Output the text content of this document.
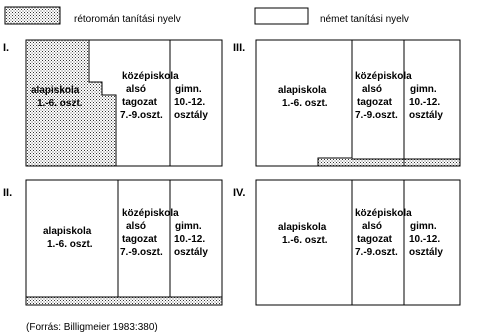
rétoromán tanítási nyelv	német tanítási nyelv
I.
alapiskola
1.-6. oszt.
középiskola
alsó
tagozat
7.-9.oszt.
gimn.
10.-12.
osztály
III.
alapiskola
1.-6. oszt.
középiskola
alsó
tagozat
7.-9.oszt.
gimn.
10.-12.
osztály
II.
alapiskola
1.-6. oszt.
középiskola
alsó
tagozat
7.-9.oszt.
gimn.
10.-12.
osztály
IV.
alapiskola
1.-6. oszt.
középiskola
alsó
tagozat
7.-9.oszt.
gimn.
10.-12.
osztály
(Forrás: Billigmeier 1983:380)
